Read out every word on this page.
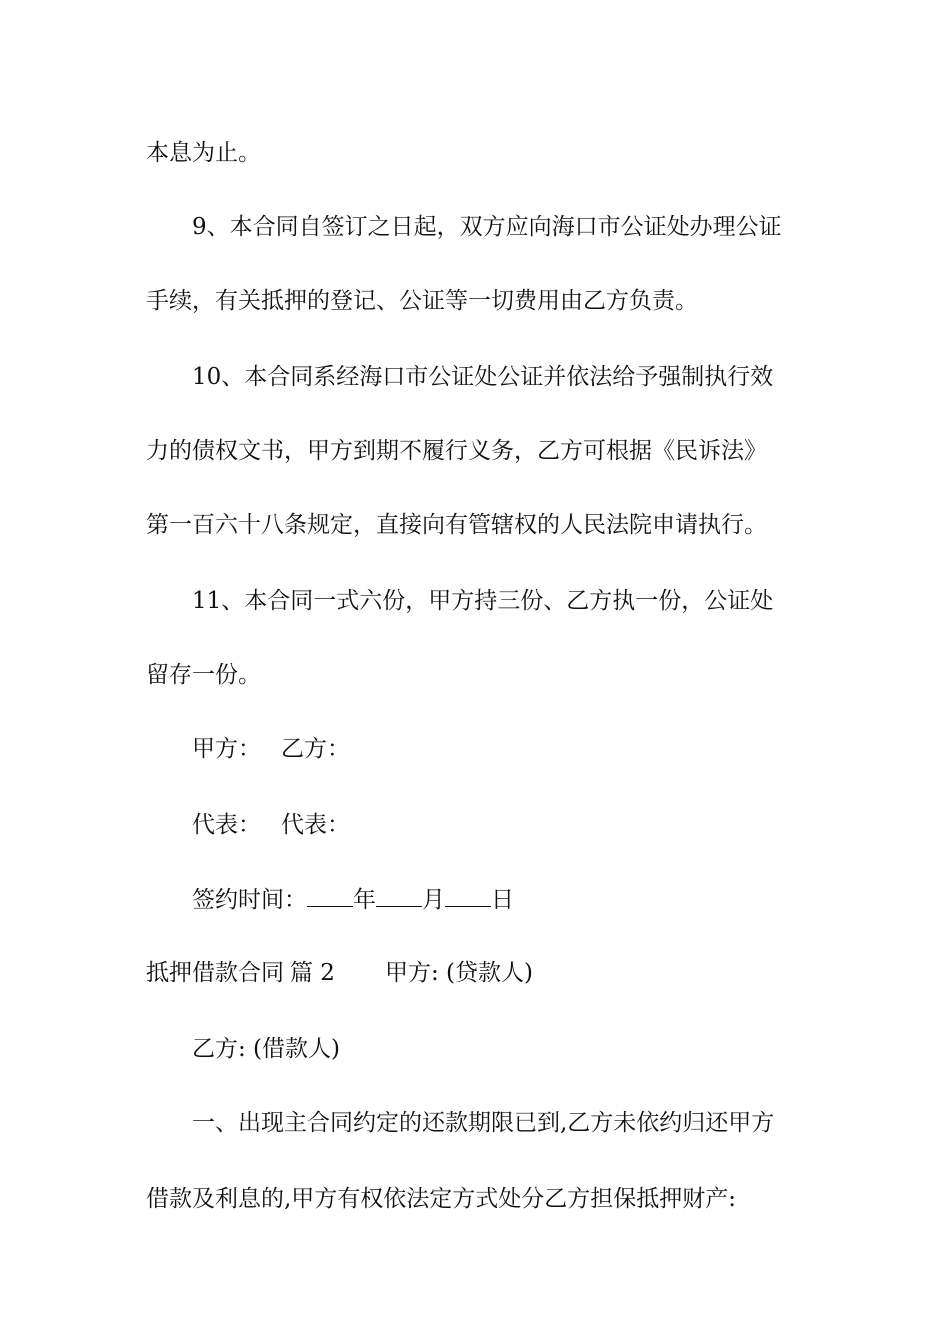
本息为止。
9、本合同自签订之日起，双方应向海口市公证处办理公证
手续，有关抵押的登记、公证等一切费用由乙方负责。
10、本合同系经海口市公证处公证并依法给予强制执行效
力的债权文书，甲方到期不履行义务，乙方可根据《民诉法》
第一百六十八条规定，直接向有管辖权的人民法院申请执行。
11、本合同一式六份，甲方持三份、乙方执一份，公证处
留存一份。
甲方： 乙方：
代表： 代表：
签约时间： 年 月 日
抵押借款合同 篇 2 甲方: (贷款人)
乙方: (借款人)
一、出现主合同约定的还款期限已到,乙方未依约归还甲方
借款及利息的,甲方有权依法定方式处分乙方担保抵押财产:
